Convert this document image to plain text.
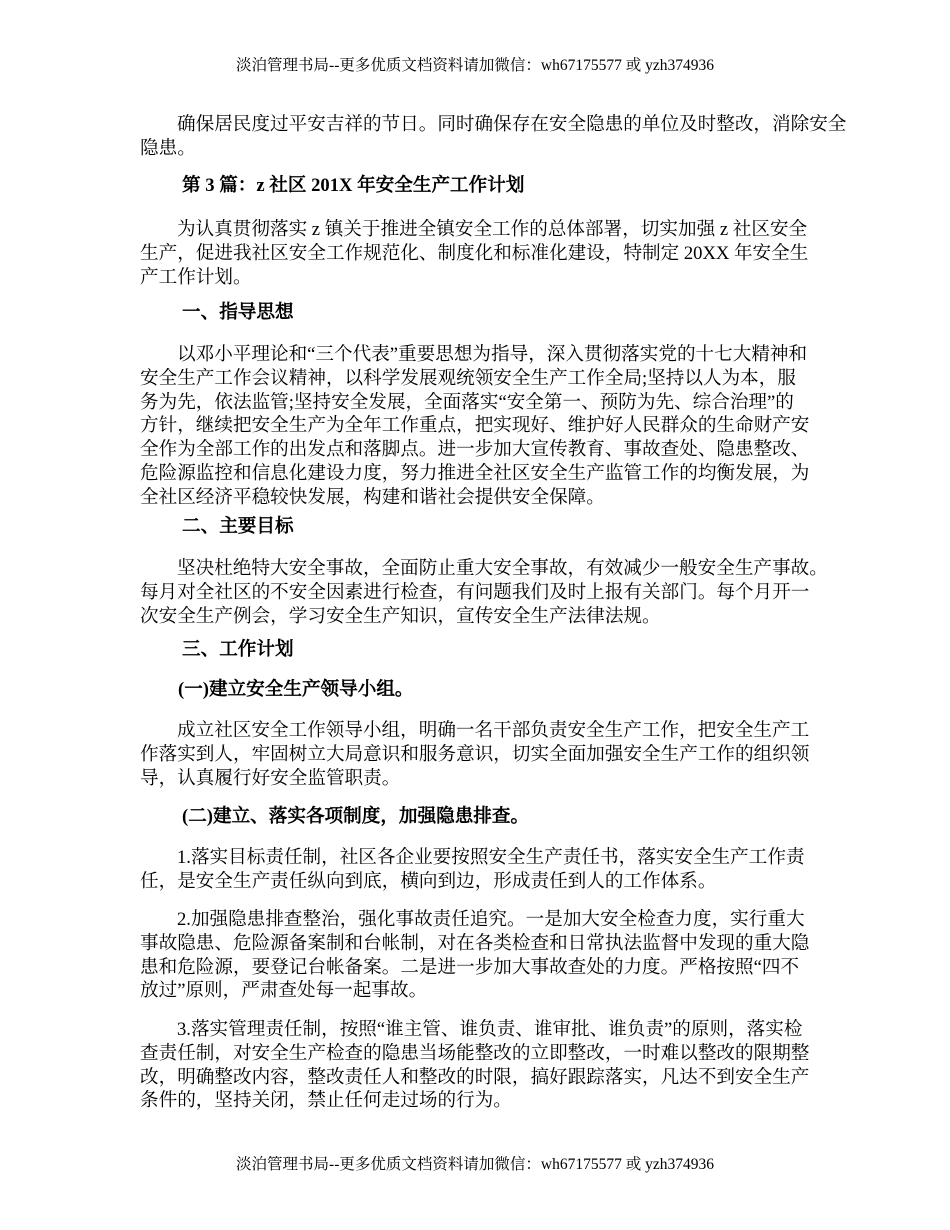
淡泊管理书局--更多优质文档资料请加微信：wh67175577 或 yzh374936
确保居民度过平安吉祥的节日。同时确保存在安全隐患的单位及时整改，消除安全
隐患。
第 3 篇：z 社区 201X 年安全生产工作计划
为认真贯彻落实 z 镇关于推进全镇安全工作的总体部署，切实加强 z 社区安全
生产，促进我社区安全工作规范化、制度化和标准化建设，特制定 20XX 年安全生
产工作计划。
一、指导思想
以邓小平理论和“三个代表”重要思想为指导，深入贯彻落实党的十七大精神和
安全生产工作会议精神，以科学发展观统领安全生产工作全局;坚持以人为本，服
务为先，依法监管;坚持安全发展，全面落实“安全第一、预防为先、综合治理”的
方针，继续把安全生产为全年工作重点，把实现好、维护好人民群众的生命财产安
全作为全部工作的出发点和落脚点。进一步加大宣传教育、事故查处、隐患整改、
危险源监控和信息化建设力度，努力推进全社区安全生产监管工作的均衡发展，为
全社区经济平稳较快发展，构建和谐社会提供安全保障。
二、主要目标
坚决杜绝特大安全事故，全面防止重大安全事故，有效减少一般安全生产事故。
每月对全社区的不安全因素进行检查，有问题我们及时上报有关部门。每个月开一
次安全生产例会，学习安全生产知识，宣传安全生产法律法规。
三、工作计划
(一)建立安全生产领导小组。
成立社区安全工作领导小组，明确一名干部负责安全生产工作，把安全生产工
作落实到人，牢固树立大局意识和服务意识，切实全面加强安全生产工作的组织领
导，认真履行好安全监管职责。
(二)建立、落实各项制度，加强隐患排查。
1.落实目标责任制，社区各企业要按照安全生产责任书，落实安全生产工作责
任，是安全生产责任纵向到底，横向到边，形成责任到人的工作体系。
2.加强隐患排查整治，强化事故责任追究。一是加大安全检查力度，实行重大
事故隐患、危险源备案制和台帐制，对在各类检查和日常执法监督中发现的重大隐
患和危险源，要登记台帐备案。二是进一步加大事故查处的力度。严格按照“四不
放过”原则，严肃查处每一起事故。
3.落实管理责任制，按照“谁主管、谁负责、谁审批、谁负责”的原则，落实检
查责任制，对安全生产检查的隐患当场能整改的立即整改，一时难以整改的限期整
改，明确整改内容，整改责任人和整改的时限，搞好跟踪落实，凡达不到安全生产
条件的，坚持关闭，禁止任何走过场的行为。
淡泊管理书局--更多优质文档资料请加微信：wh67175577 或 yzh374936
